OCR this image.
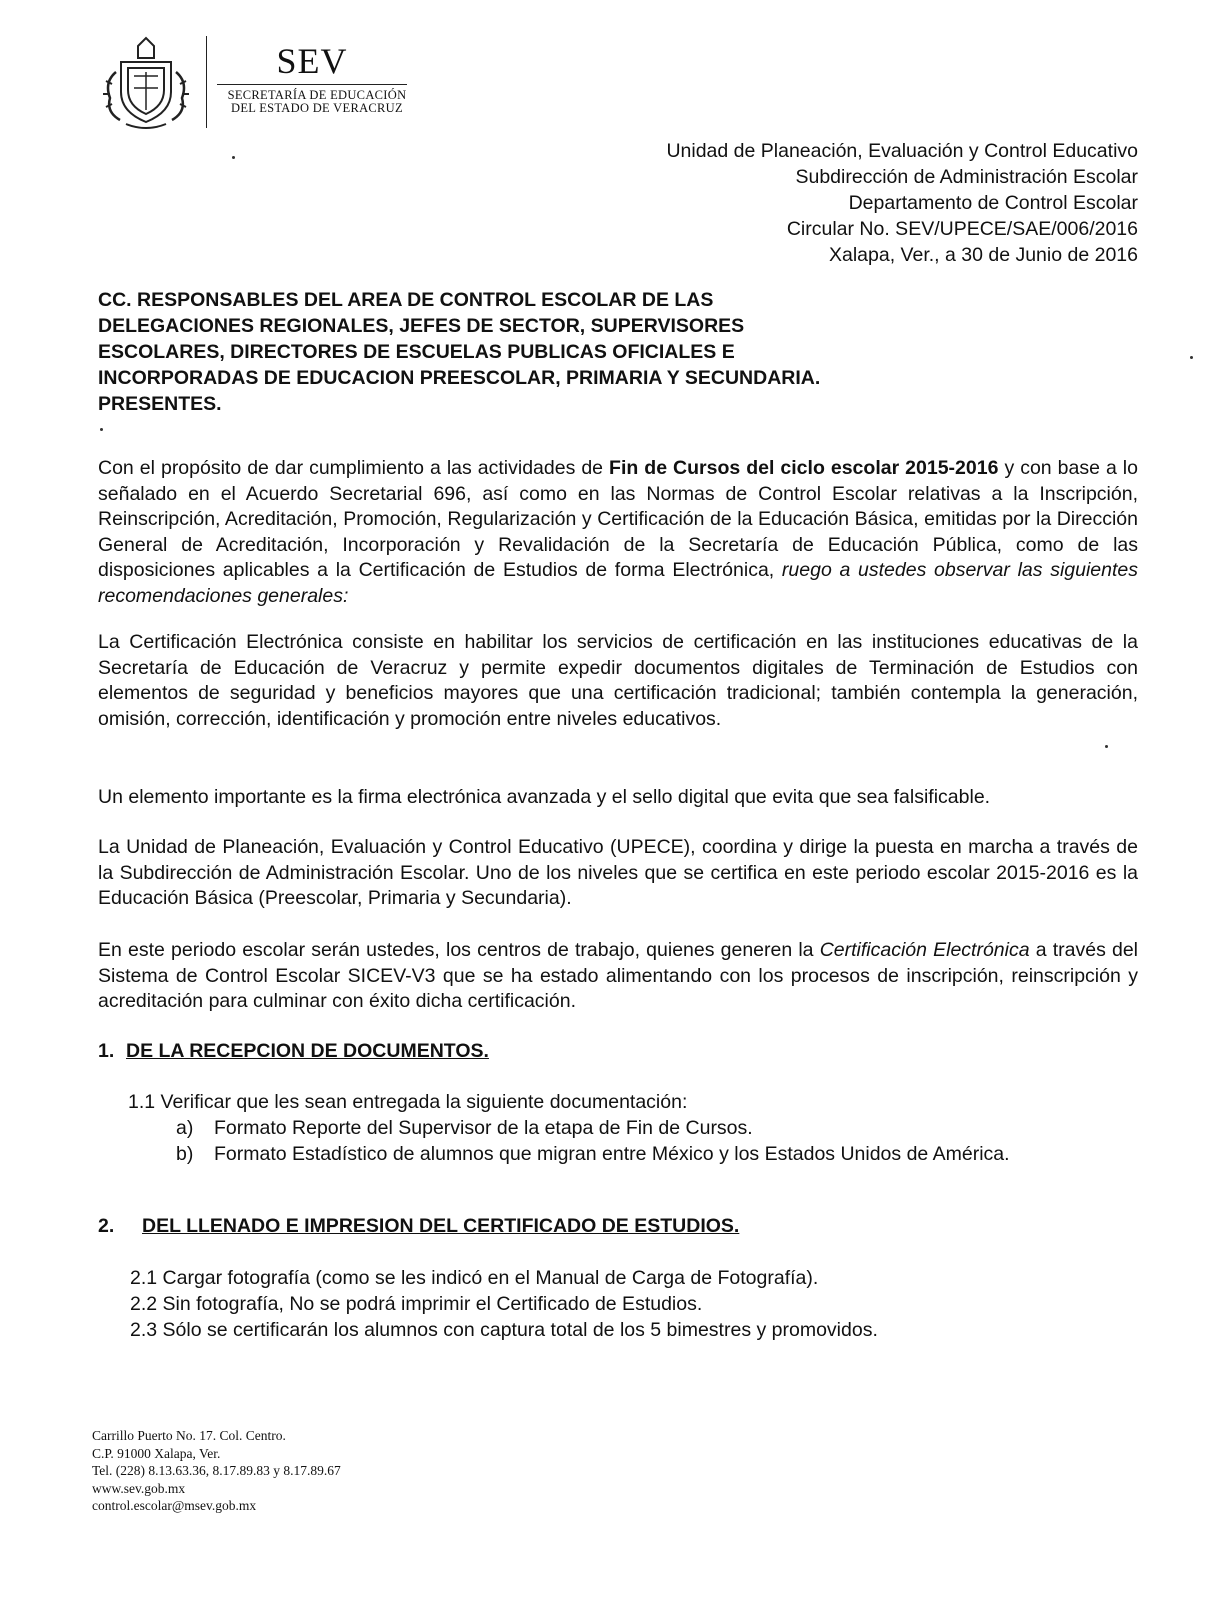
SEV
SECRETARÍA DE EDUCACIÓN
DEL ESTADO DE VERACRUZ
Unidad de Planeación, Evaluación y Control Educativo
Subdirección de Administración Escolar
Departamento de Control Escolar
Circular No. SEV/UPECE/SAE/006/2016
Xalapa, Ver., a 30 de Junio de 2016
CC. RESPONSABLES DEL AREA DE CONTROL ESCOLAR DE LAS
DELEGACIONES REGIONALES, JEFES DE SECTOR, SUPERVISORES
ESCOLARES, DIRECTORES DE ESCUELAS PUBLICAS OFICIALES E
INCORPORADAS DE EDUCACION PREESCOLAR, PRIMARIA Y SECUNDARIA.
PRESENTES.
Con el propósito de dar cumplimiento a las actividades de Fin de Cursos del ciclo escolar 2015-2016 y con base a lo señalado en el Acuerdo Secretarial 696, así como en las Normas de Control Escolar relativas a la Inscripción, Reinscripción, Acreditación, Promoción, Regularización y Certificación de la Educación Básica, emitidas por la Dirección General de Acreditación, Incorporación y Revalidación de la Secretaría de Educación Pública, como de las disposiciones aplicables a la Certificación de Estudios de forma Electrónica, ruego a ustedes observar las siguientes recomendaciones generales:
La Certificación Electrónica consiste en habilitar los servicios de certificación en las instituciones educativas de la Secretaría de Educación de Veracruz y permite expedir documentos digitales de Terminación de Estudios con elementos de seguridad y beneficios mayores que una certificación tradicional; también contempla la generación, omisión, corrección, identificación y promoción entre niveles educativos.
Un elemento importante es la firma electrónica avanzada y el sello digital que evita que sea falsificable.
La Unidad de Planeación, Evaluación y Control Educativo (UPECE), coordina y dirige la puesta en marcha a través de la Subdirección de Administración Escolar. Uno de los niveles que se certifica en este periodo escolar 2015-2016 es la Educación Básica (Preescolar, Primaria y Secundaria).
En este periodo escolar serán ustedes, los centros de trabajo, quienes generen la Certificación Electrónica a través del Sistema de Control Escolar SICEV-V3 que se ha estado alimentando con los procesos de inscripción, reinscripción y acreditación para culminar con éxito dicha certificación.
1. DE LA RECEPCION DE DOCUMENTOS.
1.1 Verificar que les sean entregada la siguiente documentación:
a) Formato Reporte del Supervisor de la etapa de Fin de Cursos.
b) Formato Estadístico de alumnos que migran entre México y los Estados Unidos de América.
2. DEL LLENADO E IMPRESION DEL CERTIFICADO DE ESTUDIOS.
2.1 Cargar fotografía (como se les indicó en el Manual de Carga de Fotografía).
2.2 Sin fotografía, No se podrá imprimir el Certificado de Estudios.
2.3 Sólo se certificarán los alumnos con captura total de los 5 bimestres y promovidos.
Carrillo Puerto No. 17. Col. Centro.
C.P. 91000 Xalapa, Ver.
Tel. (228) 8.13.63.36, 8.17.89.83 y 8.17.89.67
www.sev.gob.mx
control.escolar@msev.gob.mx
